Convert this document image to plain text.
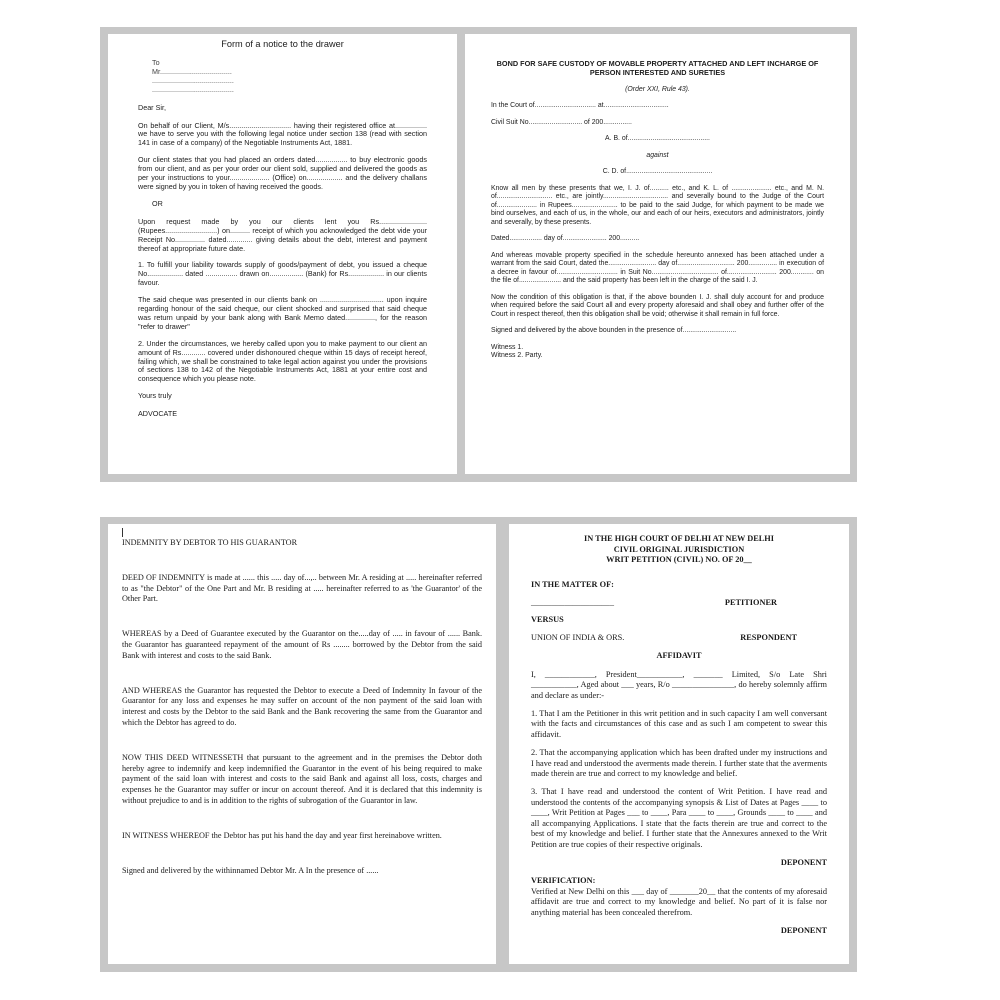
Form of a notice to the drawer

To
Mr....................................
.........................................
.........................................

Dear Sir,

On behalf of our Client, M/s............................... having their registered office at................ we have to serve you with the following legal notice under section 138 (read with section 141 in case of a company) of the Negotiable Instruments Act, 1881.

Our client states that you had placed an orders dated................ to buy electronic goods from our client, and as per your order our client sold, supplied and delivered the goods as per your instructions to your.................... (Office) on.................. and the delivery challans were signed by you in token of having received the goods.

OR

Upon request made by you our clients lent you Rs........................ (Rupees..........................) on.......... receipt of which you acknowledged the debt vide your Receipt No............... dated............. giving details about the debt, interest and payment thereof at appropriate future date.

1. To fulfill your liability towards supply of goods/payment of debt, you issued a cheque No.................. dated ................ drawn on................. (Bank) for Rs.................. in our clients favour.

The said cheque was presented in our clients bank on ................................ upon inquire regarding honour of the said cheque, our client shocked and surprised that said cheque was return unpaid by your bank along with Bank Memo dated..............., for the reason "refer to drawer"

2. Under the circumstances, we hereby called upon you to make payment to our client an amount of Rs............ covered under dishonoured cheque within 15 days of receipt hereof, failing which, we shall be constrained to take legal action against you under the provisions of sections 138 to 142 of the Negotiable Instruments Act, 1881 at your entire cost and consequence which you please note.

Yours truly

ADVOCATE

BOND FOR SAFE CUSTODY OF MOVABLE PROPERTY ATTACHED AND LEFT INCHARGE OF PERSON INTERESTED AND SURETIES

(Order XXI, Rule 43).

In the Court of................................ at..................................

Civil Suit No............................ of 200...............

A. B. of...........................................

against

C. D. of.............................................

Know all men by these presents that we, I. J. of.......... etc., and K. L. of ..................... etc., and M. N. of............................. etc., are jointly.................................. and severally bound to the Judge of the Court of..................... in Rupees........................ to be paid to the said Judge, for which payment to be made we bind ourselves, and each of us, in the whole, our and each of our heirs, executors and administrators, jointly and severally, by these presents.

Dated................. day of....................... 200..........

And whereas movable property specified in the schedule hereunto annexed has been attached under a warrant from the said Court, dated the......................... day of.............................. 200............... in execution of a decree in favour of................................ in Suit No................................... of.......................... 200............ on the file of...................... and the said property has been left in the charge of the said I. J.

Now the condition of this obligation is that, if the above bounden I. J. shall duly account for and produce when required before the said Court all and every property aforesaid and shall obey and further offer of the Court in respect thereof, then this obligation shall be void; otherwise it shall remain in full force.

Signed and delivered by the above bounden in the presence of............................

Witness 1.

Witness 2. Party.

INDEMNITY BY DEBTOR TO HIS GUARANTOR

DEED OF INDEMNITY is made at ...... this ..... day of...,.. between Mr. A residing at ..... hereinafter referred to as "the Debtor" of the One Part and Mr. B residing at ..... hereinafter referred to as 'the Guarantor' of the Other Part.

WHEREAS by a Deed of Guarantee executed by the Guarantor on the.....day of ..... in favour of ...... Bank. the Guarantor has guaranteed repayment of the amount of Rs ........ borrowed by the Debtor from the said Bank with interest and costs to the said Bank.

AND WHEREAS the Guarantor has requested the Debtor to execute a Deed of Indemnity In favour of the Guarantor for any loss and expenses he may suffer on account of the non payment of the said loan with interest and costs by the Debtor to the said Bank and the Bank recovering the same from the Guarantor and which the Debtor has agreed to do.

NOW THIS DEED WITNESSETH that pursuant to the agreement and in the premises the Debtor doth hereby agree to indemnify and keep indemnified the Guarantor in the event of his being required to make payment of the said loan with interest and costs to the said Bank and against all loss, costs, charges and expenses he the Guarantor may suffer or incur on account thereof. And it is declared that this indemnity is without prejudice to and is in addition to the rights of subrogation of the Guarantor in law.

IN WITNESS WHEREOF the Debtor has put his hand the day and year first hereinabove written.

Signed and delivered by the withinnamed Debtor Mr. A In the presence of ......

IN THE HIGH COURT OF DELHI AT NEW DELHI
CIVIL ORIGINAL JURISDICTION
WRIT PETITION (CIVIL) NO. OF 20__

IN THE MATTER OF:

____________________	PETITIONER

VERSUS

UNION OF INDIA & ORS.	RESPONDENT

AFFIDAVIT

I, ____________, President___________, _______ Limited, S/o Late Shri ___________, Aged about ___ years, R/o _______________, do hereby solemnly affirm and declare as under:-

1. That I am the Petitioner in this writ petition and in such capacity I am well conversant with the facts and circumstances of this case and as such I am competent to swear this affidavit.

2. That the accompanying application which has been drafted under my instructions and I have read and understood the averments made therein. I further state that the averments made therein are true and correct to my knowledge and belief.

3. That I have read and understood the content of Writ Petition. I have read and understood the contents of the accompanying synopsis & List of Dates at Pages ____ to ____, Writ Petition at Pages ___ to ____, Para ____ to ____, Grounds ____ to ____ and all accompanying Applications. I state that the facts therein are true and correct to the best of my knowledge and belief. I further state that the Annexures annexed to the Writ Petition are true copies of their respective originals.

DEPONENT

VERIFICATION:

Verified at New Delhi on this ___ day of _______20__ that the contents of my aforesaid affidavit are true and correct to my knowledge and belief. No part of it is false nor anything material has been concealed therefrom.

DEPONENT
